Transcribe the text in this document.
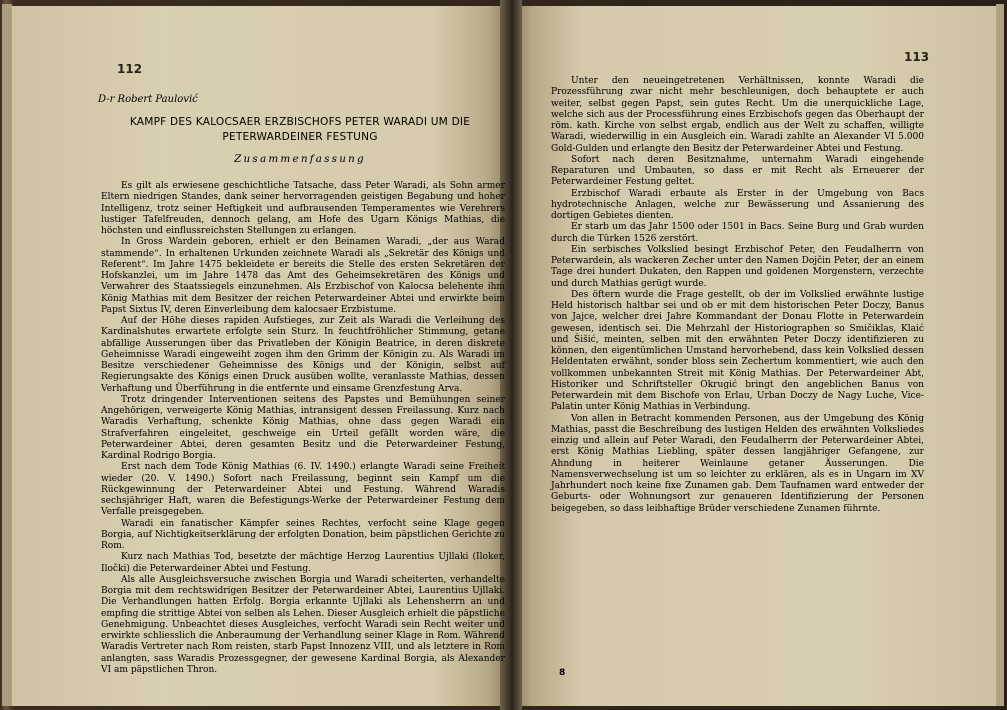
112
D-r Robert Paulović
KAMPF DES KALOCSAER ERZBISCHOFS PETER WARADI UM DIE
PETERWARDEINER FESTUNG
Zusammenfassung

Es gilt als erwiesene geschichtliche Tatsache, dass Peter Waradi, als Sohn armer Eltern niedrigen Standes, dank seiner hervorragenden geistigen Begabung und hoher Intelligenz, trotz seiner Heftigkeit und aufbrausenden Temperamentes wie Verehrers lustiger Tafelfreuden, dennoch gelang, am Hofe des Ugarn Königs Mathias, die höchsten und einflussreichsten Stellungen zu erlangen.

In Gross Wardein geboren, erhielt er den Beinamen Waradi, „der aus Warad stammende“. In erhaltenen Urkunden zeichnete Waradi als „Sekretär des Königs und Referent“. Im Jahre 1475 bekleidete er bereits die Stelle des ersten Sekretären der Hofskanzlei, um im Jahre 1478 das Amt des Geheimsekretären des Königs und Verwahrer des Staatssiegels einzunehmen. Als Erzbischof von Kalocsa belehente ihm König Mathias mit dem Besitzer der reichen Peterwardeiner Abtei und erwirkte beim Papst Sixtus IV, deren Einverleibung dem kalocsaer Erzbistume.

Auf der Höhe dieses rapiden Aufstieges, zur Zeit als Waradi die Verleihung des Kardinalshutes erwartete erfolgte sein Sturz. In feuchtfröhlicher Stimmung, getane abfällige Ausserungen über das Privatleben der Königin Beatrice, in deren diskrete Geheimnisse Waradi eingeweiht zogen ihm den Grimm der Königin zu. Als Waradi im Besitze verschiedener Geheimnisse des Königs und der Königin, selbst auf Regierungsakte des Königs einen Druck ausüben wollte, veranlasste Mathias, dessen Verhaftung und Überführung in die entfernte und einsame Grenzfestung Arva.

Trotz dringender Interventionen seitens des Papstes und Bemühungen seiner Angehörigen, verweigerte König Mathias, intransigent dessen Freilassung. Kurz nach Waradis Verhaftung, schenkte König Mathias, ohne dass gegen Waradi ein Strafverfahren eingeleitet, geschweige ein Urteil gefällt worden wäre, die Peterwardeiner Abtei, deren gesamten Besitz und die Peterwardeiner Festung, Kardinal Rodrigo Borgia.

Erst nach dem Tode König Mathias (6. IV. 1490.) erlangte Waradi seine Freiheit wieder (20. V. 1490.) Sofort nach Freilassung, beginnt sein Kampf um die Rückgewinnung der Peterwardeiner Abtei und Festung. Während Waradis sechsjähriger Haft, waren die Befestigungs-Werke der Peterwardeiner Festung dem Verfalle preisgegeben.

Waradi ein fanatischer Kämpfer seines Rechtes, verfocht seine Klage gegen Borgia, auf Nichtigkeitserklärung der erfolgten Donation, beim päpstlichen Gerichte zu Rom.

Kurz nach Mathias Tod, besetzte der mächtige Herzog Laurentius Ujllaki (Iloker, Iločki) die Peterwardeiner Abtei und Festung.

Als alle Ausgleichsversuche zwischen Borgia und Waradi scheiterten, verhandelte Borgia mit dem rechtswidrigen Besitzer der Peterwardeiner Abtei, Laurentius Ujllaki. Die Verhandlungen hatten Erfolg. Borgia erkannte Ujllaki als Lehensherrn an und empfing die strittige Abtei von selben als Lehen. Dieser Ausgleich erhielt die päpstliche Genehmigung. Unbeachtet dieses Ausgleiches, verfocht Waradi sein Recht weiter und erwirkte schliesslich die Anberaumung der Verhandlung seiner Klage in Rom. Während Waradis Vertreter nach Rom reisten, starb Papst Innozenz VIII, und als letztere in Rom anlangten, sass Waradis Prozessgegner, der gewesene Kardinal Borgia, als Alexander VI am päpstlichen Thron.

113

Unter den neueingetretenen Verhältnissen, konnte Waradi die Prozessführung zwar nicht mehr beschleunigen, doch behauptete er auch weiter, selbst gegen Papst, sein gutes Recht. Um die unerquickliche Lage, welche sich aus der Processführung eines Erzbischofs gegen das Oberhaupt der röm. kath. Kirche von selbst ergab, endlich aus der Welt zu schaffen, willigte Waradi, wiederwillig in ein Ausgleich ein. Waradi zahlte an Alexander VI 5.000 Gold-Gulden und erlangte den Besitz der Peterwardeiner Abtei und Festung.

Sofort nach deren Besitznahme, unternahm Waradi eingehende Reparaturen und Umbauten, so dass er mit Recht als Erneuerer der Peterwardeiner Festung geltet.

Erzbischof Waradi erbaute als Erster in der Umgebung von Bacs hydrotechnische Anlagen, welche zur Bewässerung und Assanierung des dortigen Gebietes dienten.

Er starb um das Jahr 1500 oder 1501 in Bacs. Seine Burg und Grab wurden durch die Türken 1526 zerstört.

Ein serbisches Volkslied besingt Erzbischof Peter, den Feudalherrn von Peterwardein, als wackeren Zecher unter den Namen Dojčin Peter, der an einem Tage drei hundert Dukaten, den Rappen und goldenen Morgenstern, verzechte und durch Mathias gerügt wurde.

Des öftern wurde die Frage gestellt, ob der im Volkslied erwähnte lustige Held historisch haltbar sei und ob er mit dem historischen Peter Doczy, Banus von Jajce, welcher drei Jahre Kommandant der Donau Flotte in Peterwardein gewesen, identisch sei. Die Mehrzahl der Historiographen so Smičiklas, Klaić und Šišić, meinten, selben mit den erwähnten Peter Doczy identifizieren zu können, den eigentümlichen Umstand hervorhebend, dass kein Volkslied dessen Heldentaten erwähnt, sonder bloss sein Zechertum kommentiert, wie auch den vollkommen unbekannten Streit mit König Mathias. Der Peterwardeiner Abt, Historiker und Schriftsteller Okrugić bringt den angeblichen Banus von Peterwardein mit dem Bischofe von Erlau, Urban Doczy de Nagy Luche, Vice-Palatin unter König Mathias in Verbindung.

Von allen in Betracht kommenden Personen, aus der Umgebung des König Mathias, passt die Beschreibung des lustigen Helden des erwähnten Volksliedes einzig und allein auf Peter Waradi, den Feudalherrn der Peterwardeiner Abtei, erst König Mathias Liebling, später dessen langjähriger Gefangene, zur Ahndung in heiterer Weinlaune getaner Äusserungen. Die Namensverwechselung ist um so leichter zu erklären, als es in Ungarn im XV Jahrhundert noch keine fixe Zunamen gab. Dem Taufnamen ward entweder der Geburts- oder Wohnungsort zur genaueren Identifizierung der Personen beigegeben, so dass leibhaftige Brüder verschiedene Zunamen führnte.

8
